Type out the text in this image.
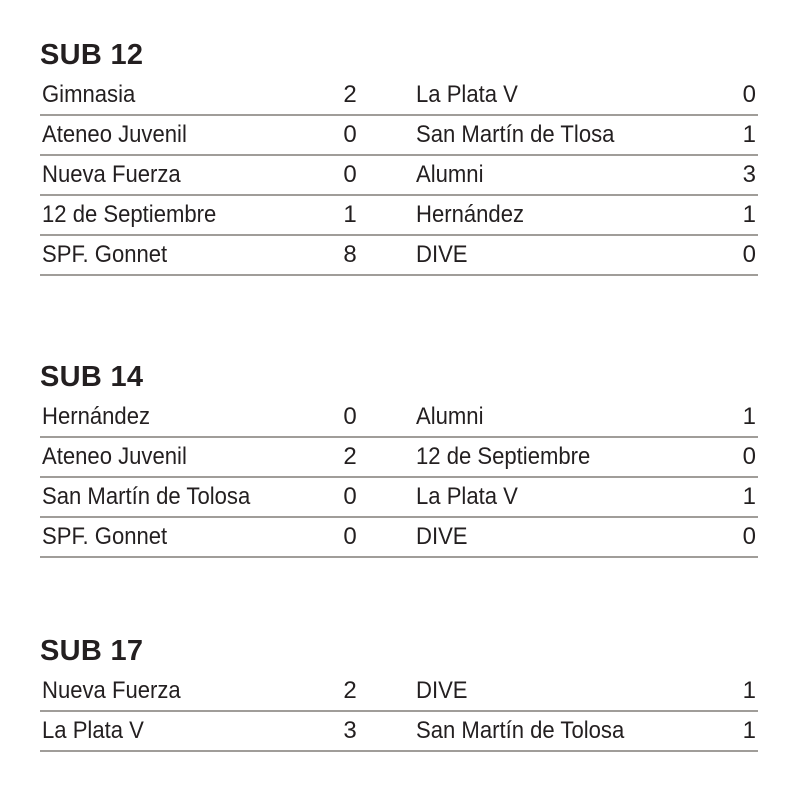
SUB 12
Gimnasia	2 La Plata V	0
Ateneo Juvenil	0 San Martín de Tlosa	1
Nueva Fuerza	0 Alumni	3
12 de Septiembre	1 Hernández	1
SPF. Gonnet	8 DIVE	0
SUB 14
Hernández	0 Alumni	1
Ateneo Juvenil	2 12 de Septiembre	0
San Martín de Tolosa	0 La Plata V	1
SPF. Gonnet	0 DIVE	0
SUB 17
Nueva Fuerza	2 DIVE	1
La Plata V	3 San Martín de Tolosa	1
